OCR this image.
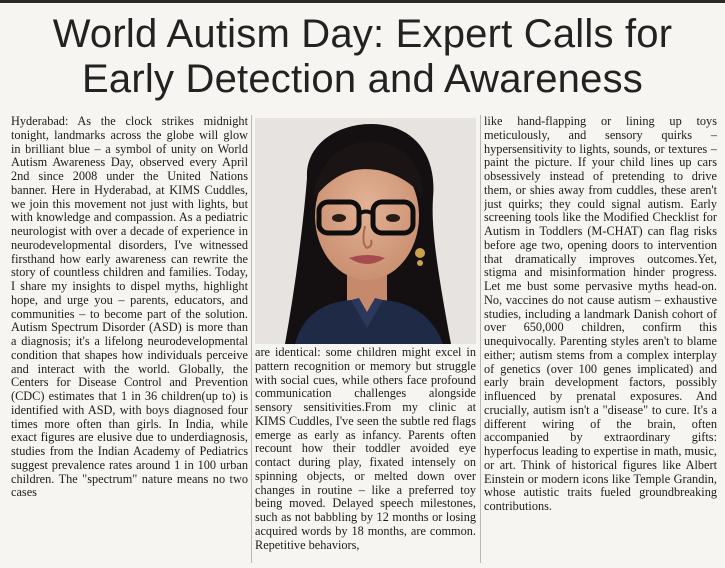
World Autism Day: Expert Calls for
Early Detection and Awareness

Hyderabad: As the clock strikes midnight tonight, landmarks across the globe will glow in brilliant blue – a symbol of unity on World Autism Awareness Day, observed every April 2nd since 2008 under the United Nations banner. Here in Hyderabad, at KIMS Cuddles, we join this movement not just with lights, but with knowledge and compassion. As a pediatric neurologist with over a decade of experience in neurodevelopmental disorders, I've witnessed firsthand how early awareness can rewrite the story of countless children and families. Today, I share my insights to dispel myths, highlight hope, and urge you – parents, educators, and communities – to become part of the solution. Autism Spectrum Disorder (ASD) is more than a diagnosis; it's a lifelong neurodevelopmental condition that shapes how individuals perceive and interact with the world. Globally, the Centers for Disease Control and Prevention (CDC) estimates that 1 in 36 children(up to) is identified with ASD, with boys diagnosed four times more often than girls. In India, while exact figures are elusive due to underdiagnosis, studies from the Indian Academy of Pediatrics suggest prevalence rates around 1 in 100 urban children. The "spectrum" nature means no two cases

are identical: some children might excel in pattern recognition or memory but struggle with social cues, while others face profound communication challenges alongside sensory sensitivities.From my clinic at KIMS Cuddles, I've seen the subtle red flags emerge as early as infancy. Parents often recount how their toddler avoided eye contact during play, fixated intensely on spinning objects, or melted down over changes in routine – like a preferred toy being moved. Delayed speech milestones, such as not babbling by 12 months or losing acquired words by 18 months, are common. Repetitive behaviors,

like hand-flapping or lining up toys meticulously, and sensory quirks – hypersensitivity to lights, sounds, or textures – paint the picture. If your child lines up cars obsessively instead of pretending to drive them, or shies away from cuddles, these aren't just quirks; they could signal autism. Early screening tools like the Modified Checklist for Autism in Toddlers (M-CHAT) can flag risks before age two, opening doors to intervention that dramatically improves outcomes.Yet, stigma and misinformation hinder progress. Let me bust some pervasive myths head-on. No, vaccines do not cause autism – exhaustive studies, including a landmark Danish cohort of over 650,000 children, confirm this unequivocally. Parenting styles aren't to blame either; autism stems from a complex interplay of genetics (over 100 genes implicated) and early brain development factors, possibly influenced by prenatal exposures. And crucially, autism isn't a "disease" to cure. It's a different wiring of the brain, often accompanied by extraordinary gifts: hyperfocus leading to expertise in math, music, or art. Think of historical figures like Albert Einstein or modern icons like Temple Grandin, whose autistic traits fueled groundbreaking contributions.
